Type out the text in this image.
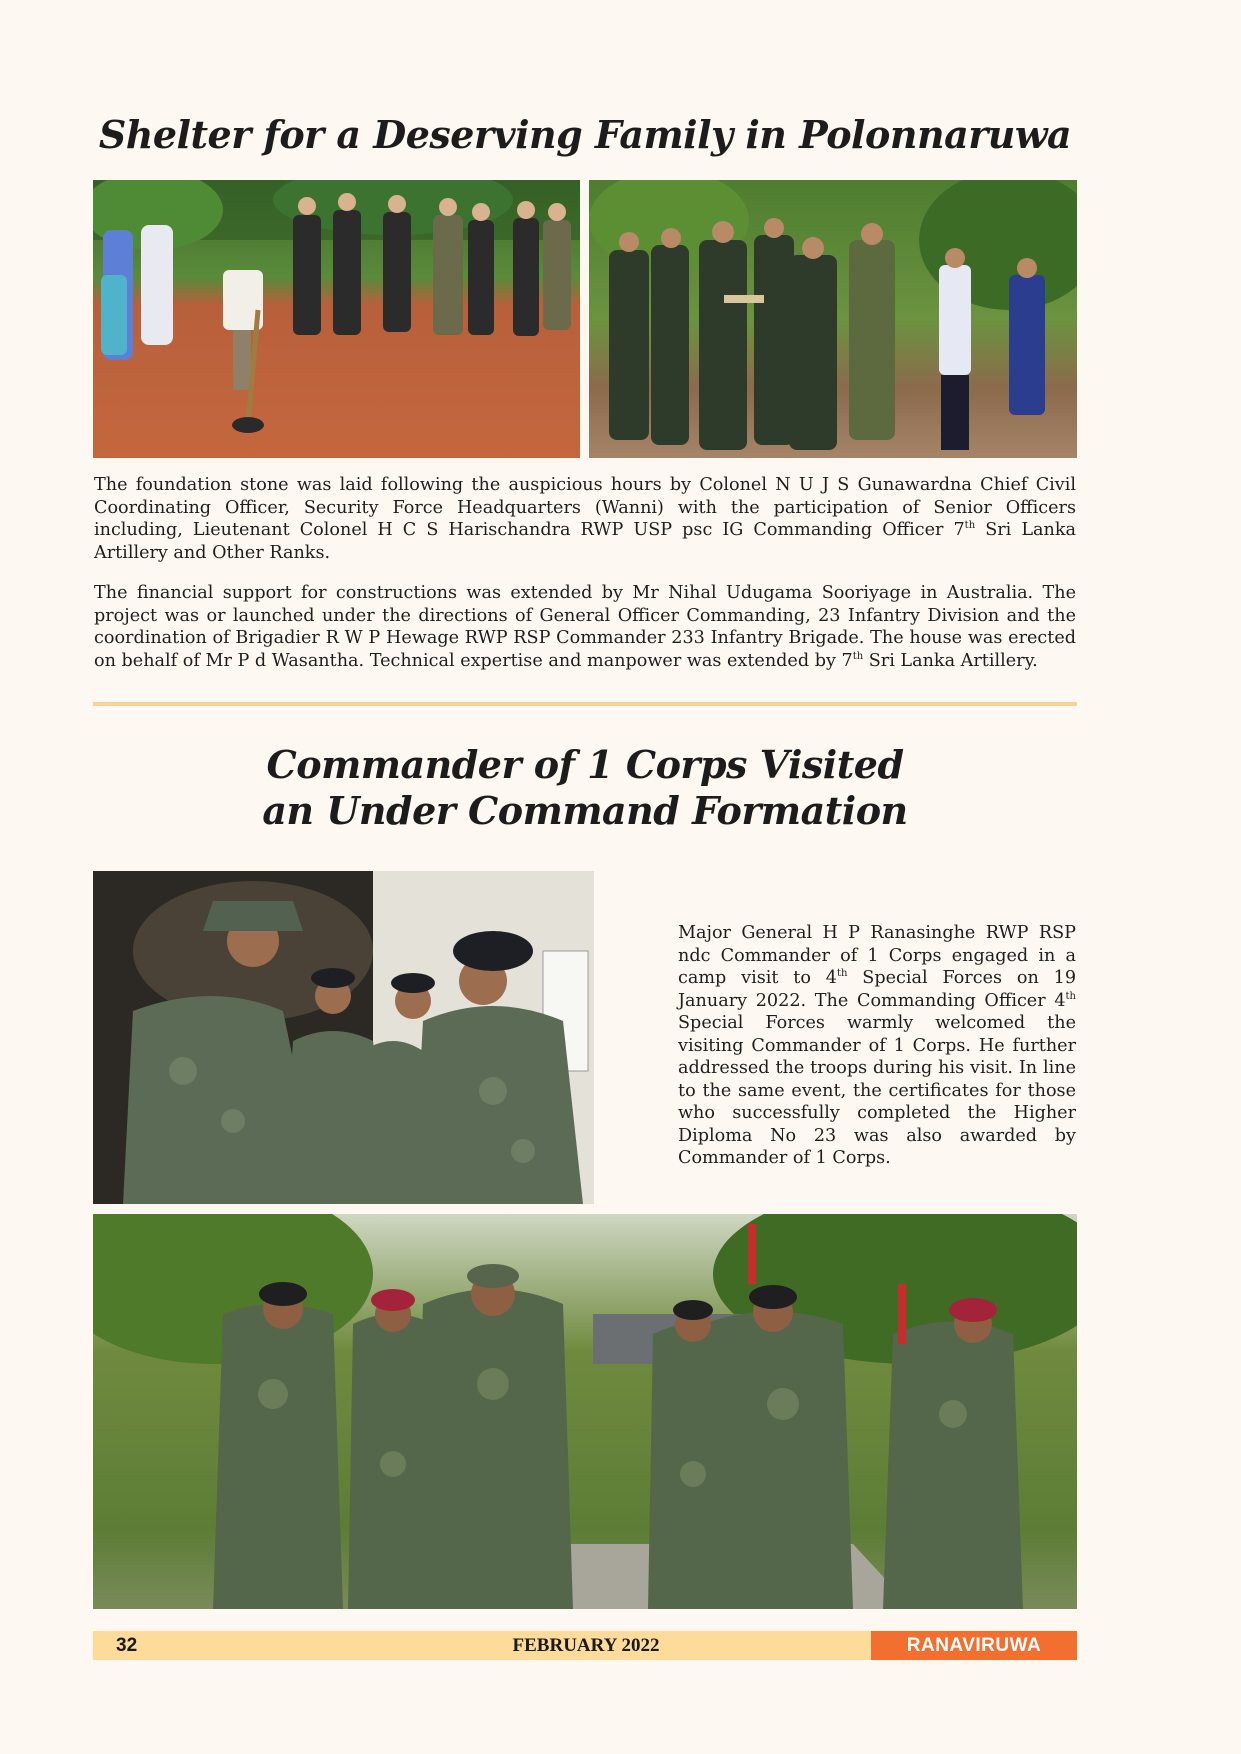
Shelter for a Deserving Family in Polonnaruwa

The foundation stone was laid following the auspicious hours by Colonel N U J S Gunawardna Chief Civil Coordinating Officer, Security Force Headquarters (Wanni) with the participation of Senior Officers including, Lieutenant Colonel H C S Harischandra RWP USP psc IG Commanding Officer 7th Sri Lanka Artillery and Other Ranks.

The financial support for constructions was extended by Mr Nihal Udugama Sooriyage in Australia. The project was or launched under the directions of General Officer Commanding, 23 Infantry Division and the coordination of Brigadier R W P Hewage RWP RSP Commander 233 Infantry Brigade. The house was erected on behalf of Mr P d Wasantha. Technical expertise and manpower was extended by 7th Sri Lanka Artillery.

Commander of 1 Corps Visited
an Under Command Formation

Major General H P Ranasinghe RWP RSP ndc Commander of 1 Corps engaged in a camp visit to 4th Special Forces on 19 January 2022. The Commanding Officer 4th Special Forces warmly welcomed the visiting Commander of 1 Corps. He further addressed the troops during his visit. In line to the same event, the certificates for those who successfully completed the Higher Diploma No 23 was also awarded by Commander of 1 Corps.

32	FEBRUARY 2022	RANAVIRUWA
